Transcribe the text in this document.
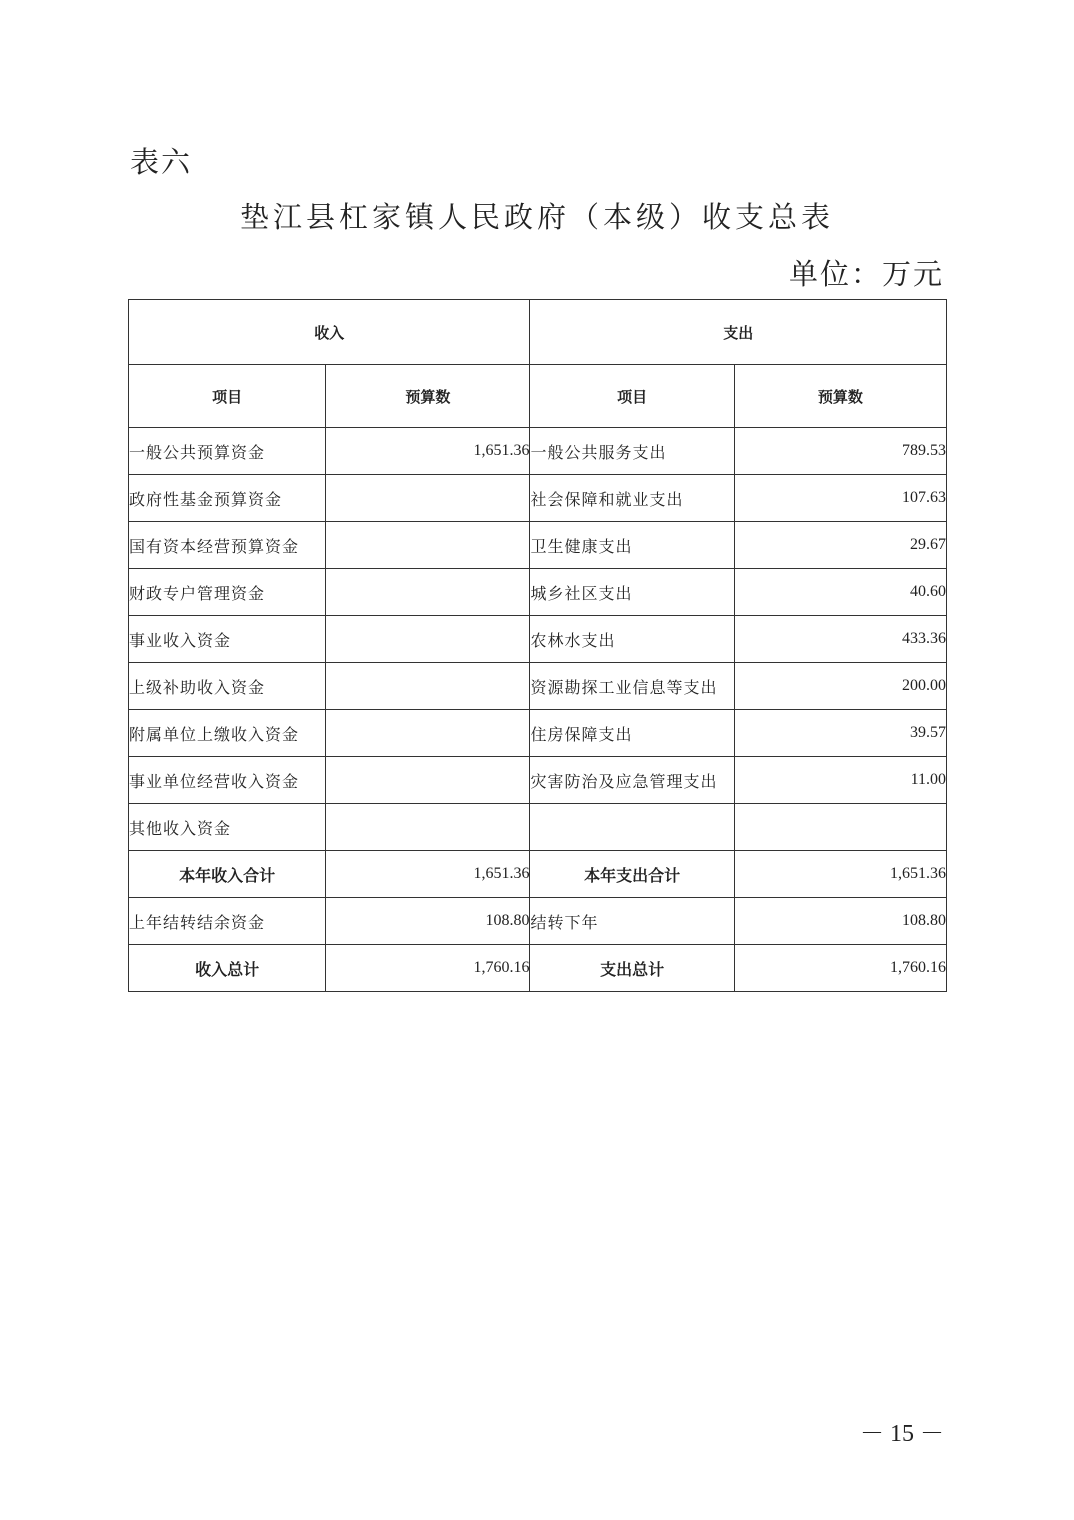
表六
垫江县杠家镇人民政府（本级）收支总表
单位：万元
收入		支出	
项目	预算数	项目	预算数
一般公共预算资金	1,651.36	一般公共服务支出	789.53
政府性基金预算资金		社会保障和就业支出	107.63
国有资本经营预算资金		卫生健康支出	29.67
财政专户管理资金		城乡社区支出	40.60
事业收入资金		农林水支出	433.36
上级补助收入资金		资源勘探工业信息等支出	200.00
附属单位上缴收入资金		住房保障支出	39.57
事业单位经营收入资金		灾害防治及应急管理支出	11.00
其他收入资金			
本年收入合计	1,651.36	本年支出合计	1,651.36
上年结转结余资金	108.80	结转下年	108.80
收入总计	1,760.16	支出总计	1,760.16
－ 15 －
